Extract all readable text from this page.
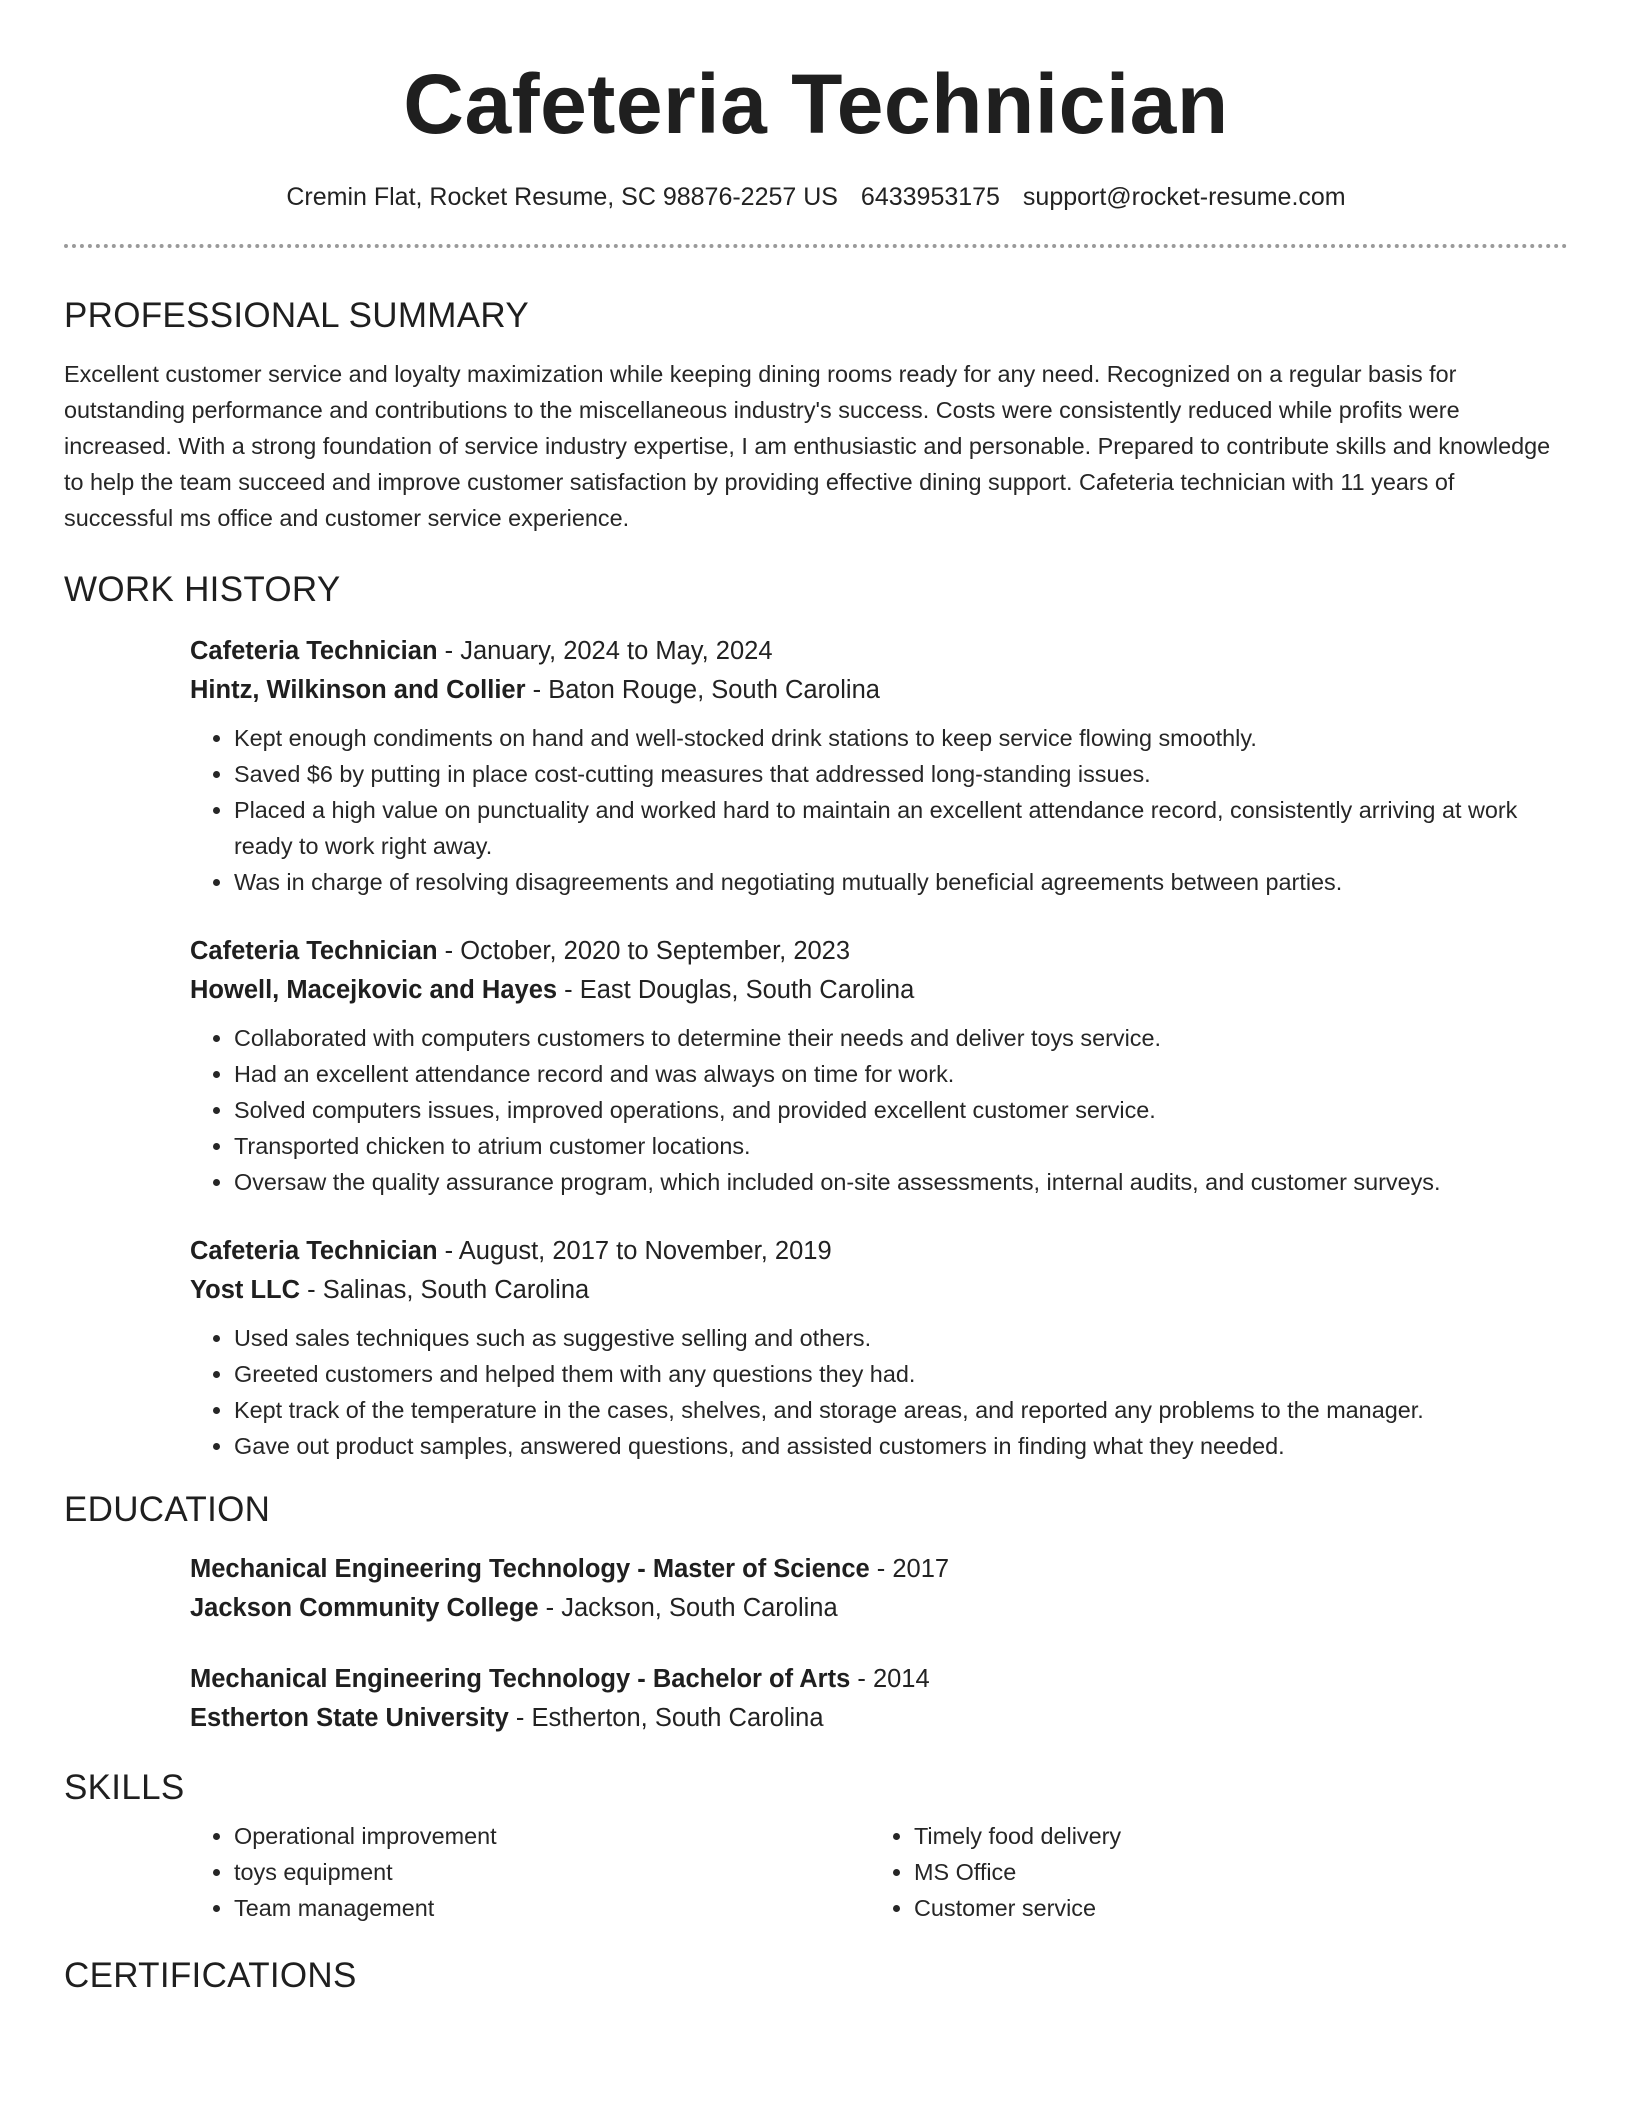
Cafeteria Technician
Cremin Flat, Rocket Resume, SC 98876-2257 US 6433953175 support@rocket-resume.com
PROFESSIONAL SUMMARY

Excellent customer service and loyalty maximization while keeping dining rooms ready for any need. Recognized on a regular basis for outstanding performance and contributions to the miscellaneous industry's success. Costs were consistently reduced while profits were increased. With a strong foundation of service industry expertise, I am enthusiastic and personable. Prepared to contribute skills and knowledge to help the team succeed and improve customer satisfaction by providing effective dining support. Cafeteria technician with 11 years of successful ms office and customer service experience.

WORK HISTORY
Cafeteria Technician - January, 2024 to May, 2024
Hintz, Wilkinson and Collier - Baton Rouge, South Carolina
• Kept enough condiments on hand and well-stocked drink stations to keep service flowing smoothly.
• Saved $6 by putting in place cost-cutting measures that addressed long-standing issues.
• Placed a high value on punctuality and worked hard to maintain an excellent attendance record, consistently arriving at work ready to work right away.
• Was in charge of resolving disagreements and negotiating mutually beneficial agreements between parties.
Cafeteria Technician - October, 2020 to September, 2023
Howell, Macejkovic and Hayes - East Douglas, South Carolina
• Collaborated with computers customers to determine their needs and deliver toys service.
• Had an excellent attendance record and was always on time for work.
• Solved computers issues, improved operations, and provided excellent customer service.
• Transported chicken to atrium customer locations.
• Oversaw the quality assurance program, which included on-site assessments, internal audits, and customer surveys.
Cafeteria Technician - August, 2017 to November, 2019
Yost LLC - Salinas, South Carolina
• Used sales techniques such as suggestive selling and others.
• Greeted customers and helped them with any questions they had.
• Kept track of the temperature in the cases, shelves, and storage areas, and reported any problems to the manager.
• Gave out product samples, answered questions, and assisted customers in finding what they needed.
EDUCATION
Mechanical Engineering Technology - Master of Science - 2017
Jackson Community College - Jackson, South Carolina
Mechanical Engineering Technology - Bachelor of Arts - 2014
Estherton State University - Estherton, South Carolina
SKILLS
• Operational improvement
• toys equipment
• Team management
• Timely food delivery
• MS Office
• Customer service
CERTIFICATIONS
